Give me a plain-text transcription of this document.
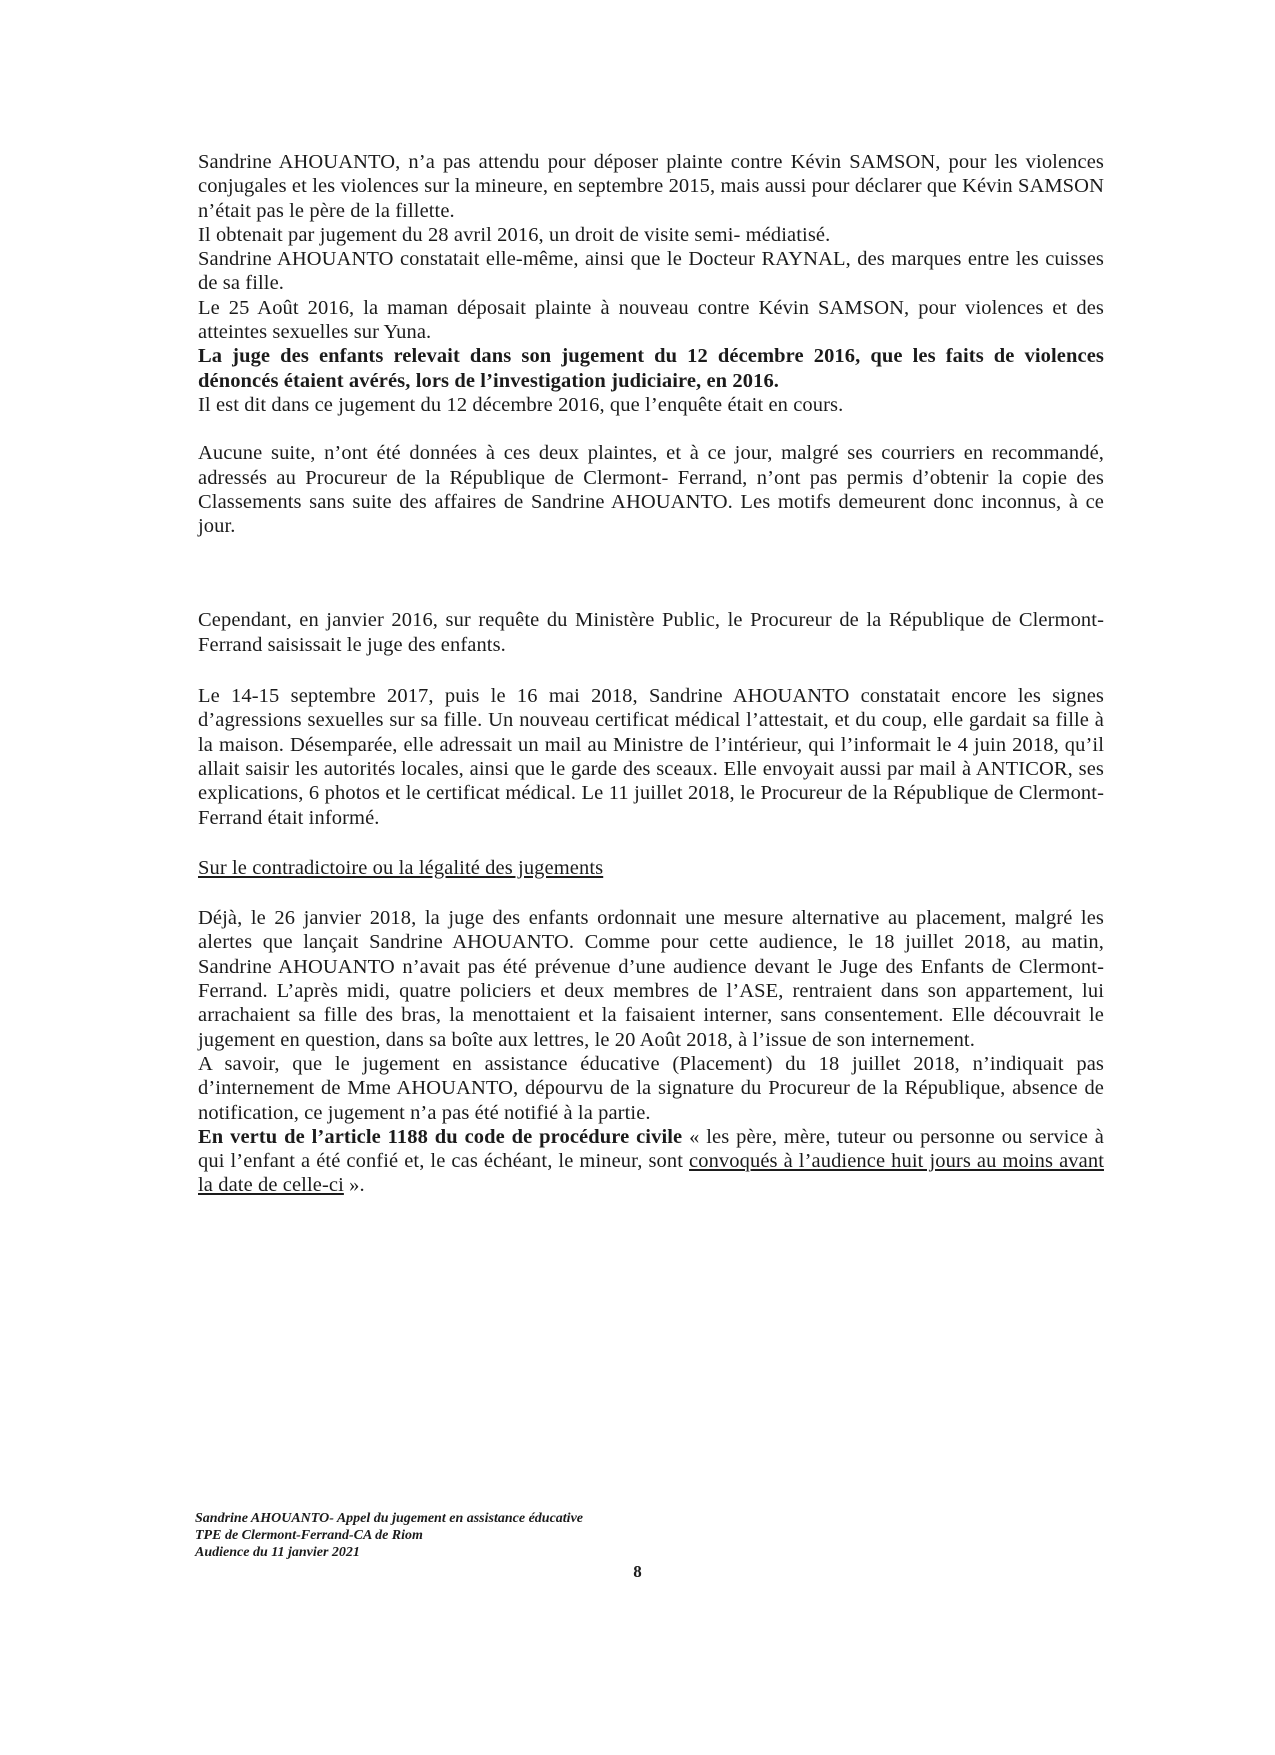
Sandrine AHOUANTO, n’a pas attendu pour déposer plainte contre Kévin SAMSON, pour les violences conjugales et les violences sur la mineure, en septembre 2015, mais aussi pour déclarer que Kévin SAMSON n’était pas le père de la fillette.

Il obtenait par jugement du 28 avril 2016, un droit de visite semi- médiatisé.

Sandrine AHOUANTO constatait elle-même, ainsi que le Docteur RAYNAL, des marques entre les cuisses de sa fille.

Le 25 Août 2016, la maman déposait plainte à nouveau contre Kévin SAMSON, pour violences et des atteintes sexuelles sur Yuna.

La juge des enfants relevait dans son jugement du 12 décembre 2016, que les faits de violences dénoncés étaient avérés, lors de l’investigation judiciaire, en 2016.

Il est dit dans ce jugement du 12 décembre 2016, que l’enquête était en cours.

Aucune suite, n’ont été données à ces deux plaintes, et à ce jour, malgré ses courriers en recommandé, adressés au Procureur de la République de Clermont- Ferrand, n’ont pas permis d’obtenir la copie des Classements sans suite des affaires de Sandrine AHOUANTO. Les motifs demeurent donc inconnus, à ce jour.

Cependant, en janvier 2016, sur requête du Ministère Public, le Procureur de la République de Clermont- Ferrand saisissait le juge des enfants.

Le 14-15 septembre 2017, puis le 16 mai 2018, Sandrine AHOUANTO constatait encore les signes d’agressions sexuelles sur sa fille. Un nouveau certificat médical l’attestait, et du coup, elle gardait sa fille à la maison. Désemparée, elle adressait un mail au Ministre de l’intérieur, qui l’informait le 4 juin 2018, qu’il allait saisir les autorités locales, ainsi que le garde des sceaux. Elle envoyait aussi par mail à ANTICOR, ses explications, 6 photos et le certificat médical. Le 11 juillet 2018, le Procureur de la République de Clermont-Ferrand était informé.

Sur le contradictoire ou la légalité des jugements

Déjà, le 26 janvier 2018, la juge des enfants ordonnait une mesure alternative au placement, malgré les alertes que lançait Sandrine AHOUANTO. Comme pour cette audience, le 18 juillet 2018, au matin, Sandrine AHOUANTO n’avait pas été prévenue d’une audience devant le Juge des Enfants de Clermont-Ferrand. L’après midi, quatre policiers et deux membres de l’ASE, rentraient dans son appartement, lui arrachaient sa fille des bras, la menottaient et la faisaient interner, sans consentement. Elle découvrait le jugement en question, dans sa boîte aux lettres, le 20 Août 2018, à l’issue de son internement.

A savoir, que le jugement en assistance éducative (Placement) du 18 juillet 2018, n’indiquait pas d’internement de Mme AHOUANTO, dépourvu de la signature du Procureur de la République, absence de notification, ce jugement n’a pas été notifié à la partie.

En vertu de l’article 1188 du code de procédure civile « les père, mère, tuteur ou personne ou service à qui l’enfant a été confié et, le cas échéant, le mineur, sont convoqués à l’audience huit jours au moins avant la date de celle-ci ».

Sandrine AHOUANTO- Appel du jugement en assistance éducative
TPE de Clermont-Ferrand-CA de Riom
Audience du 11 janvier 2021
8
